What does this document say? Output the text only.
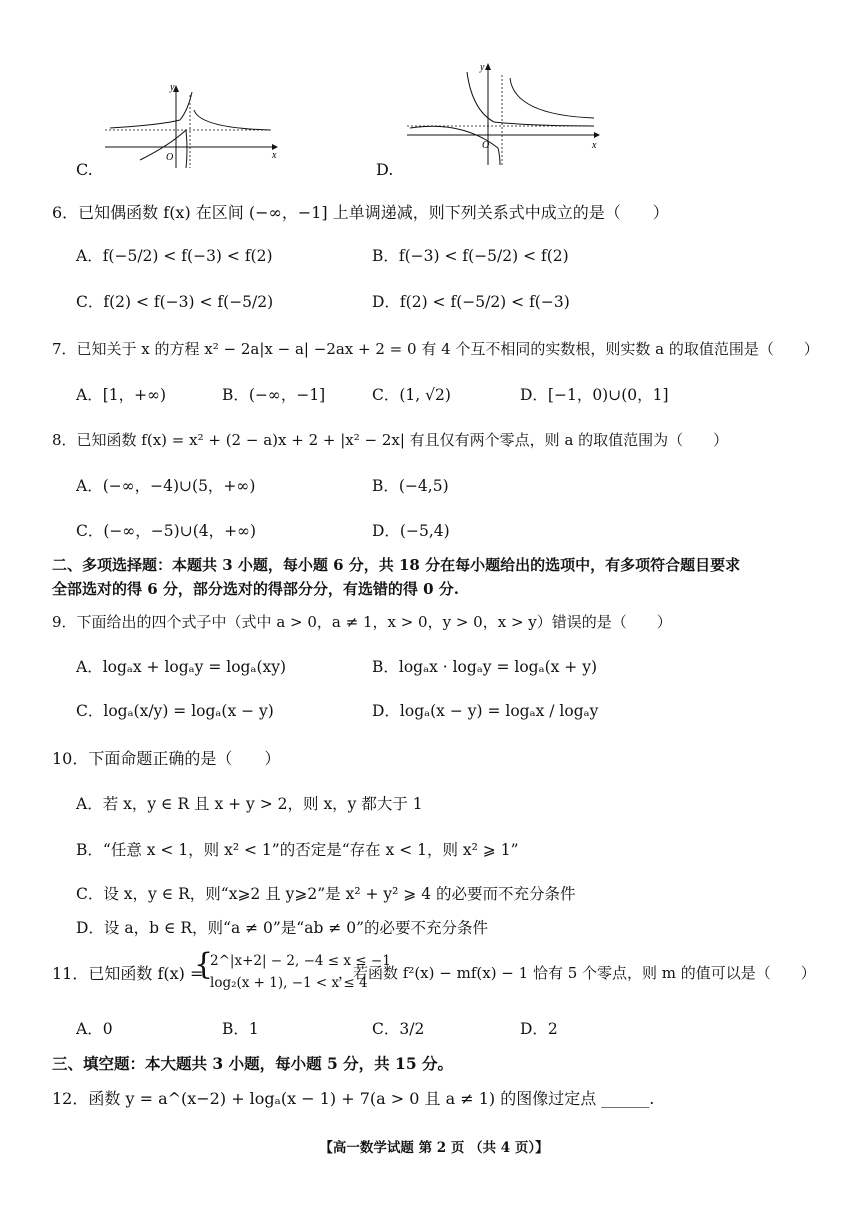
C.
y
x
O
D.
y
x
O
6．已知偶函数 f(x) 在区间 (−∞，−1] 上单调递减，则下列关系式中成立的是（　　）
A．f(−5/2) < f(−3) < f(2)	B．f(−3) < f(−5/2) < f(2)
C．f(2) < f(−3) < f(−5/2)	D．f(2) < f(−5/2) < f(−3)
7．已知关于 x 的方程 x² − 2a|x − a| −2ax + 2 = 0 有 4 个互不相同的实数根，则实数 a 的取值范围是（　　）
A．[1，+∞)	B．(−∞，−1]	C．(1, √2)	D．[−1，0)∪(0，1]
8．已知函数 f(x) = x² + (2 − a)x + 2 + |x² − 2x| 有且仅有两个零点，则 a 的取值范围为（　　）
A．(−∞，−4)∪(5，+∞)	B．(−4,5)
C．(−∞，−5)∪(4，+∞)	D．(−5,4)
二、多项选择题：本题共 3 小题，每小题 6 分，共 18 分在每小题给出的选项中，有多项符合题目要求
全部选对的得 6 分，部分选对的得部分分，有选错的得 0 分.
9．下面给出的四个式子中（式中 a > 0，a ≠ 1，x > 0，y > 0，x > y）错误的是（　　）
A．logₐx + logₐy = logₐ(xy)	B．logₐx · logₐy = logₐ(x + y)
C．logₐ(x/y) = logₐ(x − y)	D．logₐ(x − y) = logₐx / logₐy
10．下面命题正确的是（　　）
A．若 x，y ∈ R 且 x + y > 2，则 x，y 都大于 1
B．“任意 x < 1，则 x² < 1”的否定是“存在 x < 1，则 x² ⩾ 1”
C．设 x，y ∈ R，则“x⩾2 且 y⩾2”是 x² + y² ⩾ 4 的必要而不充分条件
D．设 a，b ∈ R，则“a ≠ 0”是“ab ≠ 0”的必要不充分条件
11．已知函数 f(x) =
{
2^|x+2| − 2, −4 ≤ x ≤ −1
log₂(x + 1), −1 < x ≤ 4
，若函数 f²(x) − mf(x) − 1 恰有 5 个零点，则 m 的值可以是（　　）
A．0	B．1	C．3/2	D．2
三、填空题：本大题共 3 小题，每小题 5 分，共 15 分。
12．函数 y = a^(x−2) + logₐ(x − 1) + 7(a > 0 且 a ≠ 1) 的图像过定点 ______.
【高一数学试题 第 2 页 （共 4 页）】
